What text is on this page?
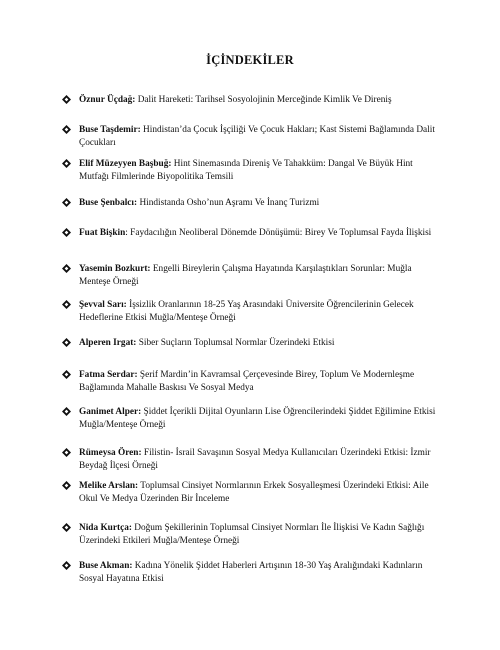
İÇİNDEKİLER
Öznur Üçdağ: Dalit Hareketi: Tarihsel Sosyolojinin Merceğinde Kimlik Ve Direniş
Buse Taşdemir: Hindistan’da Çocuk İşçiliği Ve Çocuk Hakları; Kast Sistemi Bağlamında Dalit Çocukları
Elif Müzeyyen Başbuğ: Hint Sinemasında Direniş Ve Tahakküm: Dangal Ve Büyük Hint Mutfağı Filmlerinde Biyopolitika Temsili
Buse Şenbalcı: Hindistanda Osho’nun Aşramı Ve İnanç Turizmi
Fuat Bişkin: Faydacılığın Neoliberal Dönemde Dönüşümü: Birey Ve Toplumsal Fayda İlişkisi
Yasemin Bozkurt: Engelli Bireylerin Çalışma Hayatında Karşılaştıkları Sorunlar: Muğla Menteşe Örneği
Şevval Sarı: İşsizlik Oranlarının 18-25 Yaş Arasındaki Üniversite Öğrencilerinin Gelecek Hedeflerine Etkisi Muğla/Menteşe Örneği
Alperen Irgat: Siber Suçların Toplumsal Normlar Üzerindeki Etkisi
Fatma Serdar: Şerif Mardin’in Kavramsal Çerçevesinde Birey, Toplum Ve Modernleşme Bağlamında Mahalle Baskısı Ve Sosyal Medya
Ganimet Alper: Şiddet İçerikli Dijital Oyunların Lise Öğrencilerindeki Şiddet Eğilimine Etkisi Muğla/Menteşe Örneği
Rümeysa Ören: Filistin- İsrail Savaşının Sosyal Medya Kullanıcıları Üzerindeki Etkisi: İzmir Beydağ İlçesi Örneği
Melike Arslan: Toplumsal Cinsiyet Normlarının Erkek Sosyalleşmesi Üzerindeki Etkisi: Aile Okul Ve Medya Üzerinden Bir İnceleme
Nida Kurtça: Doğum Şekillerinin Toplumsal Cinsiyet Normları İle İlişkisi Ve Kadın Sağlığı Üzerindeki Etkileri Muğla/Menteşe Örneği
Buse Akman: Kadına Yönelik Şiddet Haberleri Artışının 18-30 Yaş Aralığındaki Kadınların Sosyal Hayatına Etkisi
